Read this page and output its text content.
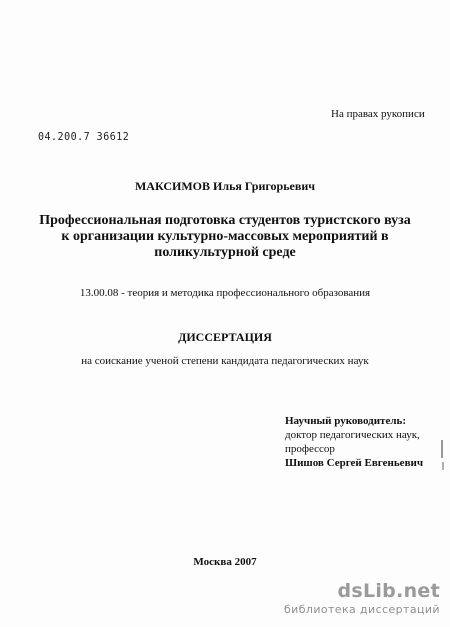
На правах рукописи
04.200.7 36612
МАКСИМОВ Илья Григорьевич
Профессиональная подготовка студентов туристского вуза
к организации культурно-массовых мероприятий в
поликультурной среде
13.00.08 - теория и методика профессионального образования
ДИССЕРТАЦИЯ
на соискание ученой степени кандидата педагогических наук
Научный руководитель:
доктор педагогических наук,
профессор
Шишов Сергей Евгеньевич
Москва 2007
dsLib.net
библиотека диссертаций
